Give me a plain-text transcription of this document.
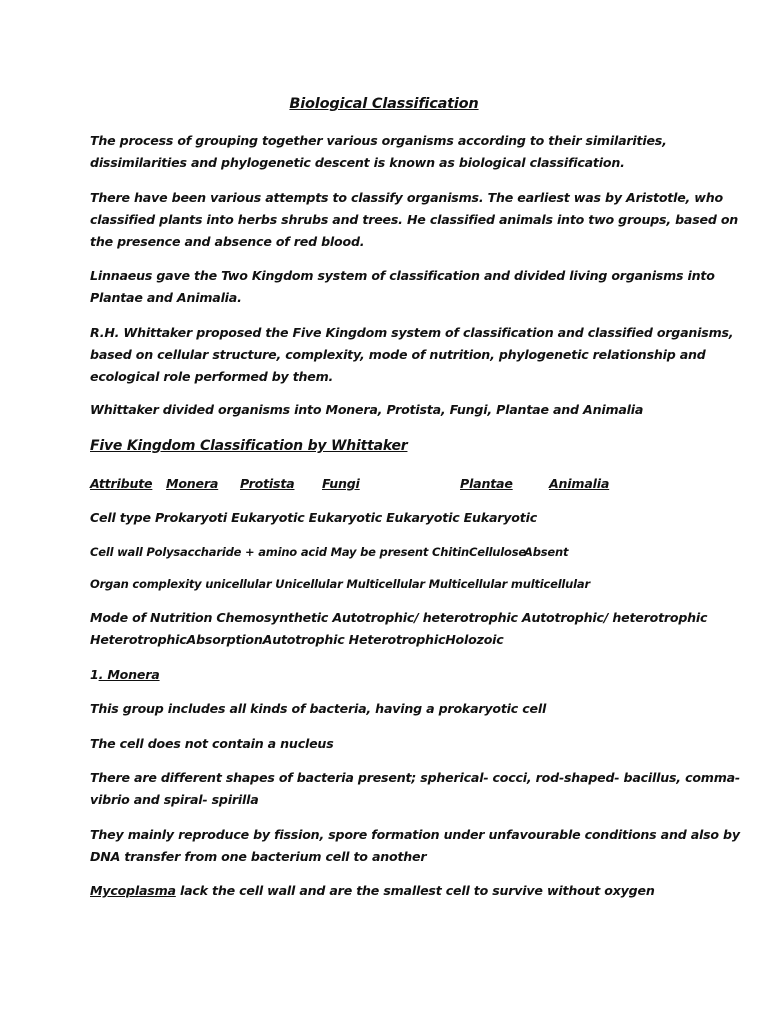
Biological Classification

The process of grouping together various organisms according to their similarities,

dissimilarities and phylogenetic descent is known as biological classification.

There have been various attempts to classify organisms. The earliest was by Aristotle, who

classified plants into herbs shrubs and trees. He classified animals into two groups, based on

the presence and absence of red blood.

Linnaeus gave the Two Kingdom system of classification and divided living organisms into

Plantae and Animalia.

R.H. Whittaker proposed the Five Kingdom system of classification and classified organisms,

based on cellular structure, complexity, mode of nutrition, phylogenetic relationship and

ecological role performed by them.

Whittaker divided organisms into Monera, Protista, Fungi, Plantae and Animalia

Five Kingdom Classification by Whittaker

Attribute Monera Protista Fungi	Plantae	Animalia

Cell type Prokaryoti Eukaryotic Eukaryotic Eukaryotic Eukaryotic

Cell wall Polysaccharide + amino acid May be present ChitinCellulose

Absent

Organ complexity unicellular Unicellular Multicellular Multicellular multicellular

Mode of Nutrition Chemosynthetic Autotrophic/ heterotrophic Autotrophic/ heterotrophic

HeterotrophicAbsorptionAutotrophic HeterotrophicHolozoic

1. Monera

This group includes all kinds of bacteria, having a prokaryotic cell

The cell does not contain a nucleus

There are different shapes of bacteria present; spherical- cocci, rod-shaped- bacillus, comma-

vibrio and spiral- spirilla

They mainly reproduce by fission, spore formation under unfavourable conditions and also by

DNA transfer from one bacterium cell to another

Mycoplasma lack the cell wall and are the smallest cell to survive without oxygen
